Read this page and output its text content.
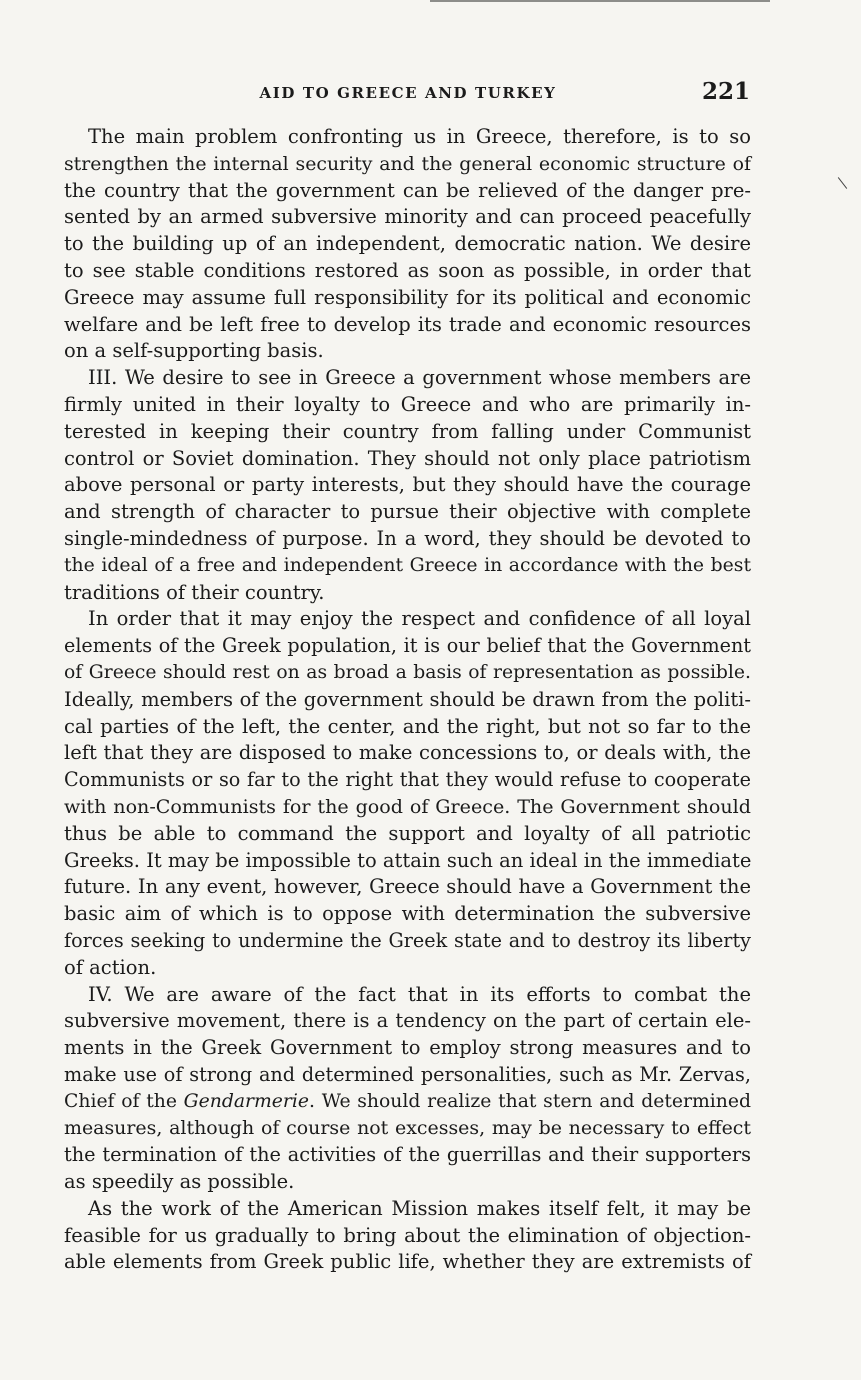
AID TO GREECE AND TURKEY	221
The main problem confronting us in Greece, therefore, is to so
strengthen the internal security and the general economic structure of
the country that the government can be relieved of the danger pre-
sented by an armed subversive minority and can proceed peacefully
to the building up of an independent, democratic nation. We desire
to see stable conditions restored as soon as possible, in order that
Greece may assume full responsibility for its political and economic
welfare and be left free to develop its trade and economic resources
on a self-supporting basis.
III. We desire to see in Greece a government whose members are
firmly united in their loyalty to Greece and who are primarily in-
terested in keeping their country from falling under Communist
control or Soviet domination. They should not only place patriotism
above personal or party interests, but they should have the courage
and strength of character to pursue their objective with complete
single-mindedness of purpose. In a word, they should be devoted to
the ideal of a free and independent Greece in accordance with the best
traditions of their country.
In order that it may enjoy the respect and confidence of all loyal
elements of the Greek population, it is our belief that the Government
of Greece should rest on as broad a basis of representation as possible.
Ideally, members of the government should be drawn from the politi-
cal parties of the left, the center, and the right, but not so far to the
left that they are disposed to make concessions to, or deals with, the
Communists or so far to the right that they would refuse to cooperate
with non-Communists for the good of Greece. The Government should
thus be able to command the support and loyalty of all patriotic
Greeks. It may be impossible to attain such an ideal in the immediate
future. In any event, however, Greece should have a Government the
basic aim of which is to oppose with determination the subversive
forces seeking to undermine the Greek state and to destroy its liberty
of action.
IV. We are aware of the fact that in its efforts to combat the
subversive movement, there is a tendency on the part of certain ele-
ments in the Greek Government to employ strong measures and to
make use of strong and determined personalities, such as Mr. Zervas,
Chief of the Gendarmerie. We should realize that stern and determined
measures, although of course not excesses, may be necessary to effect
the termination of the activities of the guerrillas and their supporters
as speedily as possible.
As the work of the American Mission makes itself felt, it may be
feasible for us gradually to bring about the elimination of objection-
able elements from Greek public life, whether they are extremists of
